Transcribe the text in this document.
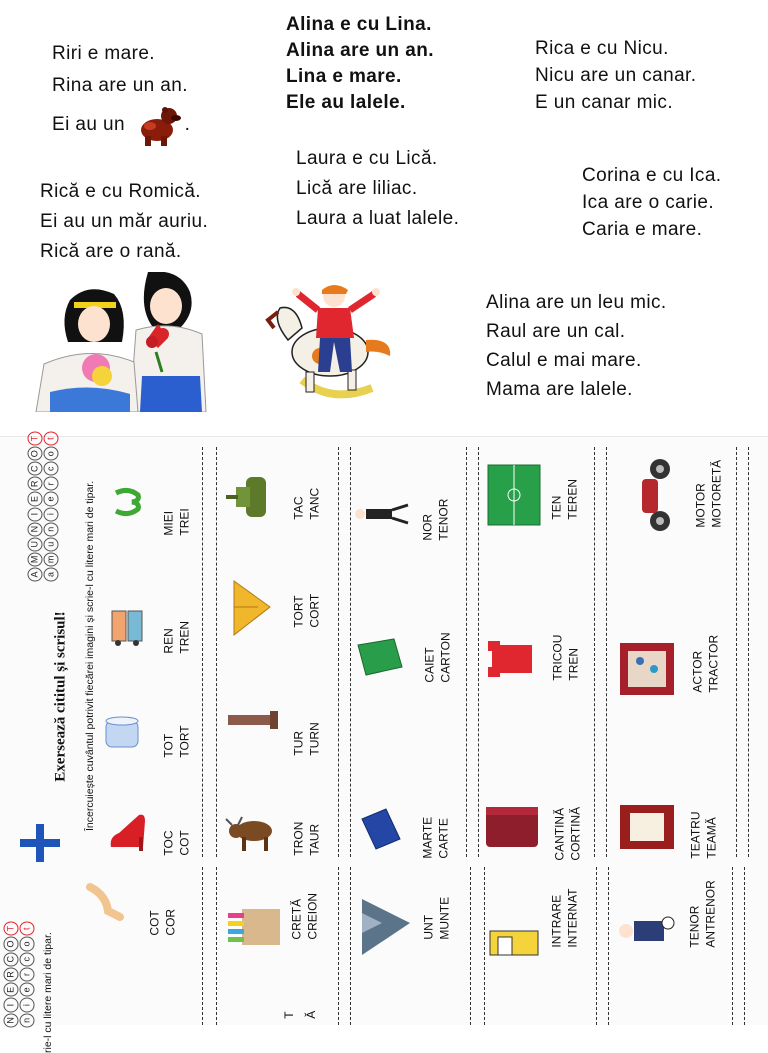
Riri e mare.
Rina are un an.
Ei au un	.
Alina e cu Lina.
Alina are un an.
Lina e mare.
Ele au lalele.
Rica e cu Nicu.
Nicu are un canar.
E un canar mic.
Laura e cu Lică.
Lică are liliac.
Laura a luat lalele.
Rică e cu Romică.
Ei au un măr auriu.
Rică are o rană.
Corina e cu Ica.
Ica are o carie.
Caria e mare.
Alina are un leu mic.
Raul are un cal.
Calul e mai mare.
Mama are lalele.
Exersează cititul și scrisul! Încercuiește cuvântul potrivit fiecărei imagini și scrie-l cu litere mari de tipar.
A
M
U
N
I
E
R
C
O
T
a
m
u
n
i
e
r
c
o
t
TOC COT
TOT TORT
REN TREN
MIEI TREI
TRON TAUR
TUR TURN
TORT CORT
TAC TANC
MARTE CARTE
CAIET CARTON
NOR TENOR
CANTINĂ CORTINĂ
TRICOU TREN
TEN TEREN
TEATRU TEAMĂ
ACTOR TRACTOR
MOTOR MOTORETĂ
rie-l cu litere mari de tipar.
N
I
E
R
C
O
T
n
i
e
r
c
o
t	COT COR	CRETĂ CREION	UNT MUNTE	INTRARE INTERNAT	TENOR ANTRENOR
T Ă
